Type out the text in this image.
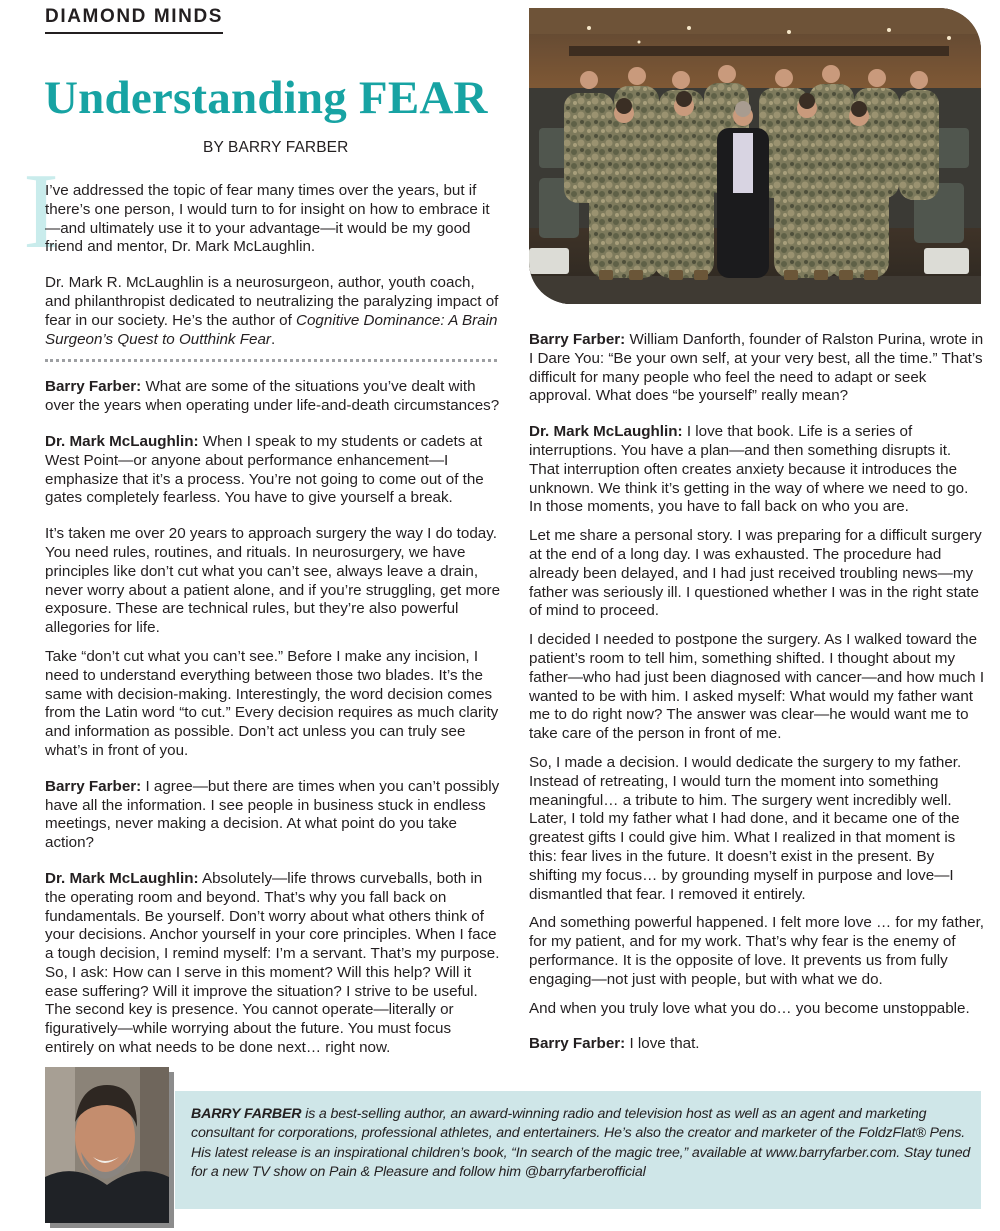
DIAMOND MINDS
Understanding FEAR
BY BARRY FARBER
I

I’ve addressed the topic of fear many times over the years, but if there’s one person, I would turn to for insight on how to embrace it—and ultimately use it to your advantage—it would be my good friend and mentor, Dr. Mark McLaughlin.

Dr. Mark R. McLaughlin is a neurosurgeon, author, youth coach, and philanthropist dedicated to neutralizing the paralyzing impact of fear in our society. He’s the author of Cognitive Dominance: A Brain Surgeon’s Quest to Outthink Fear.

Barry Farber: What are some of the situations you’ve dealt with over the years when operating under life-and-death circumstances?

Dr. Mark McLaughlin: When I speak to my students or cadets at West Point—or anyone about performance enhancement—I emphasize that it’s a process. You’re not going to come out of the gates completely fearless. You have to give yourself a break.

It’s taken me over 20 years to approach surgery the way I do today. You need rules, routines, and rituals. In neurosurgery, we have principles like don’t cut what you can’t see, always leave a drain, never worry about a patient alone, and if you’re struggling, get more exposure. These are technical rules, but they’re also powerful allegories for life.

Take “don’t cut what you can’t see.” Before I make any incision, I need to understand everything between those two blades. It’s the same with decision-making. Interestingly, the word decision comes from the Latin word “to cut.” Every decision requires as much clarity and information as possible. Don’t act unless you can truly see what’s in front of you.

Barry Farber: I agree—but there are times when you can’t possibly have all the information. I see people in business stuck in endless meetings, never making a decision. At what point do you take action?

Dr. Mark McLaughlin: Absolutely—life throws curveballs, both in the operating room and beyond. That’s why you fall back on fundamentals. Be yourself. Don’t worry about what others think of your decisions. Anchor yourself in your core principles. When I face a tough decision, I remind myself: I’m a servant. That’s my purpose. So, I ask: How can I serve in this moment? Will this help? Will it ease suffering? Will it improve the situation? I strive to be useful. The second key is presence. You cannot operate—literally or figuratively—while worrying about the future. You must focus entirely on what needs to be done next… right now.

Barry Farber: William Danforth, founder of Ralston Purina, wrote in I Dare You: “Be your own self, at your very best, all the time.” That’s difficult for many people who feel the need to adapt or seek approval. What does “be yourself” really mean?

Dr. Mark McLaughlin: I love that book. Life is a series of interruptions. You have a plan—and then something disrupts it. That interruption often creates anxiety because it introduces the unknown. We think it’s getting in the way of where we need to go. In those moments, you have to fall back on who you are.

Let me share a personal story. I was preparing for a difficult surgery at the end of a long day. I was exhausted. The procedure had already been delayed, and I had just received troubling news—my father was seriously ill. I questioned whether I was in the right state of mind to proceed.

I decided I needed to postpone the surgery. As I walked toward the patient’s room to tell him, something shifted. I thought about my father—who had just been diagnosed with cancer—and how much I wanted to be with him. I asked myself: What would my father want me to do right now? The answer was clear—he would want me to take care of the person in front of me.

So, I made a decision. I would dedicate the surgery to my father. Instead of retreating, I would turn the moment into something meaningful… a tribute to him. The surgery went incredibly well. Later, I told my father what I had done, and it became one of the greatest gifts I could give him. What I realized in that moment is this: fear lives in the future. It doesn’t exist in the present. By shifting my focus… by grounding myself in purpose and love—I dismantled that fear. I removed it entirely.

And something powerful happened. I felt more love … for my father, for my patient, and for my work. That’s why fear is the enemy of performance. It is the opposite of love. It prevents us from fully engaging—not just with people, but with what we do.

And when you truly love what you do… you become unstoppable.

Barry Farber: I love that.

BARRY FARBER is a best-selling author, an award-winning radio and television host as well as an agent and marketing consultant for corporations, professional athletes, and entertainers. He’s also the creator and marketer of the FoldzFlat® Pens. His latest release is an inspirational children’s book, “In search of the magic tree,” available at www.barryfarber.com. Stay tuned for a new TV show on Pain & Pleasure and follow him @barryfarberofficial
